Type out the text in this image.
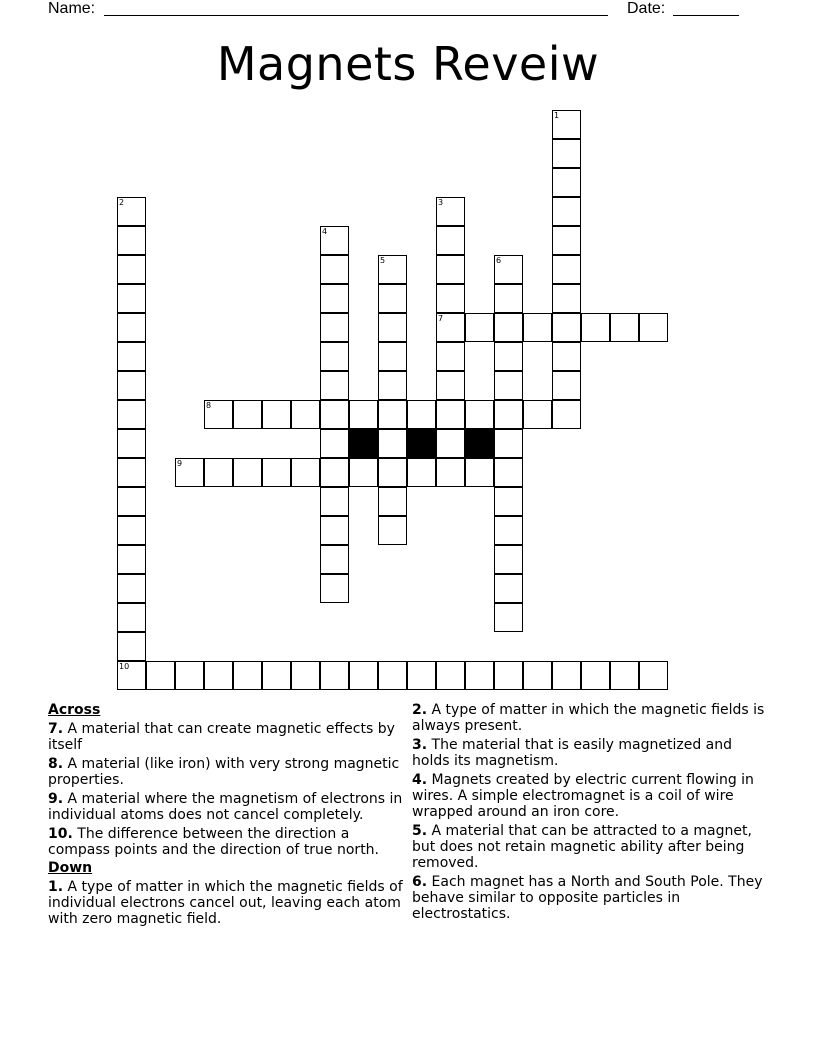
Name:	Date:
Magnets Reveiw
1
2	3
7
4
5	6
8
9
10

Across

7. A material that can create magnetic effects by itself

8. A material (like iron) with very strong magnetic properties.

9. A material where the magnetism of electrons in individual atoms does not cancel completely.

10. The difference between the direction a compass points and the direction of true north.

Down

1. A type of matter in which the magnetic fields of individual electrons cancel out, leaving each atom with zero magnetic field.

2. A type of matter in which the magnetic fields is always present.

3. The material that is easily magnetized and holds its magnetism.

4. Magnets created by electric current flowing in wires. A simple electromagnet is a coil of wire wrapped around an iron core.

5. A material that can be attracted to a magnet, but does not retain magnetic ability after being removed.

6. Each magnet has a North and South Pole. They behave similar to opposite particles in electrostatics.
